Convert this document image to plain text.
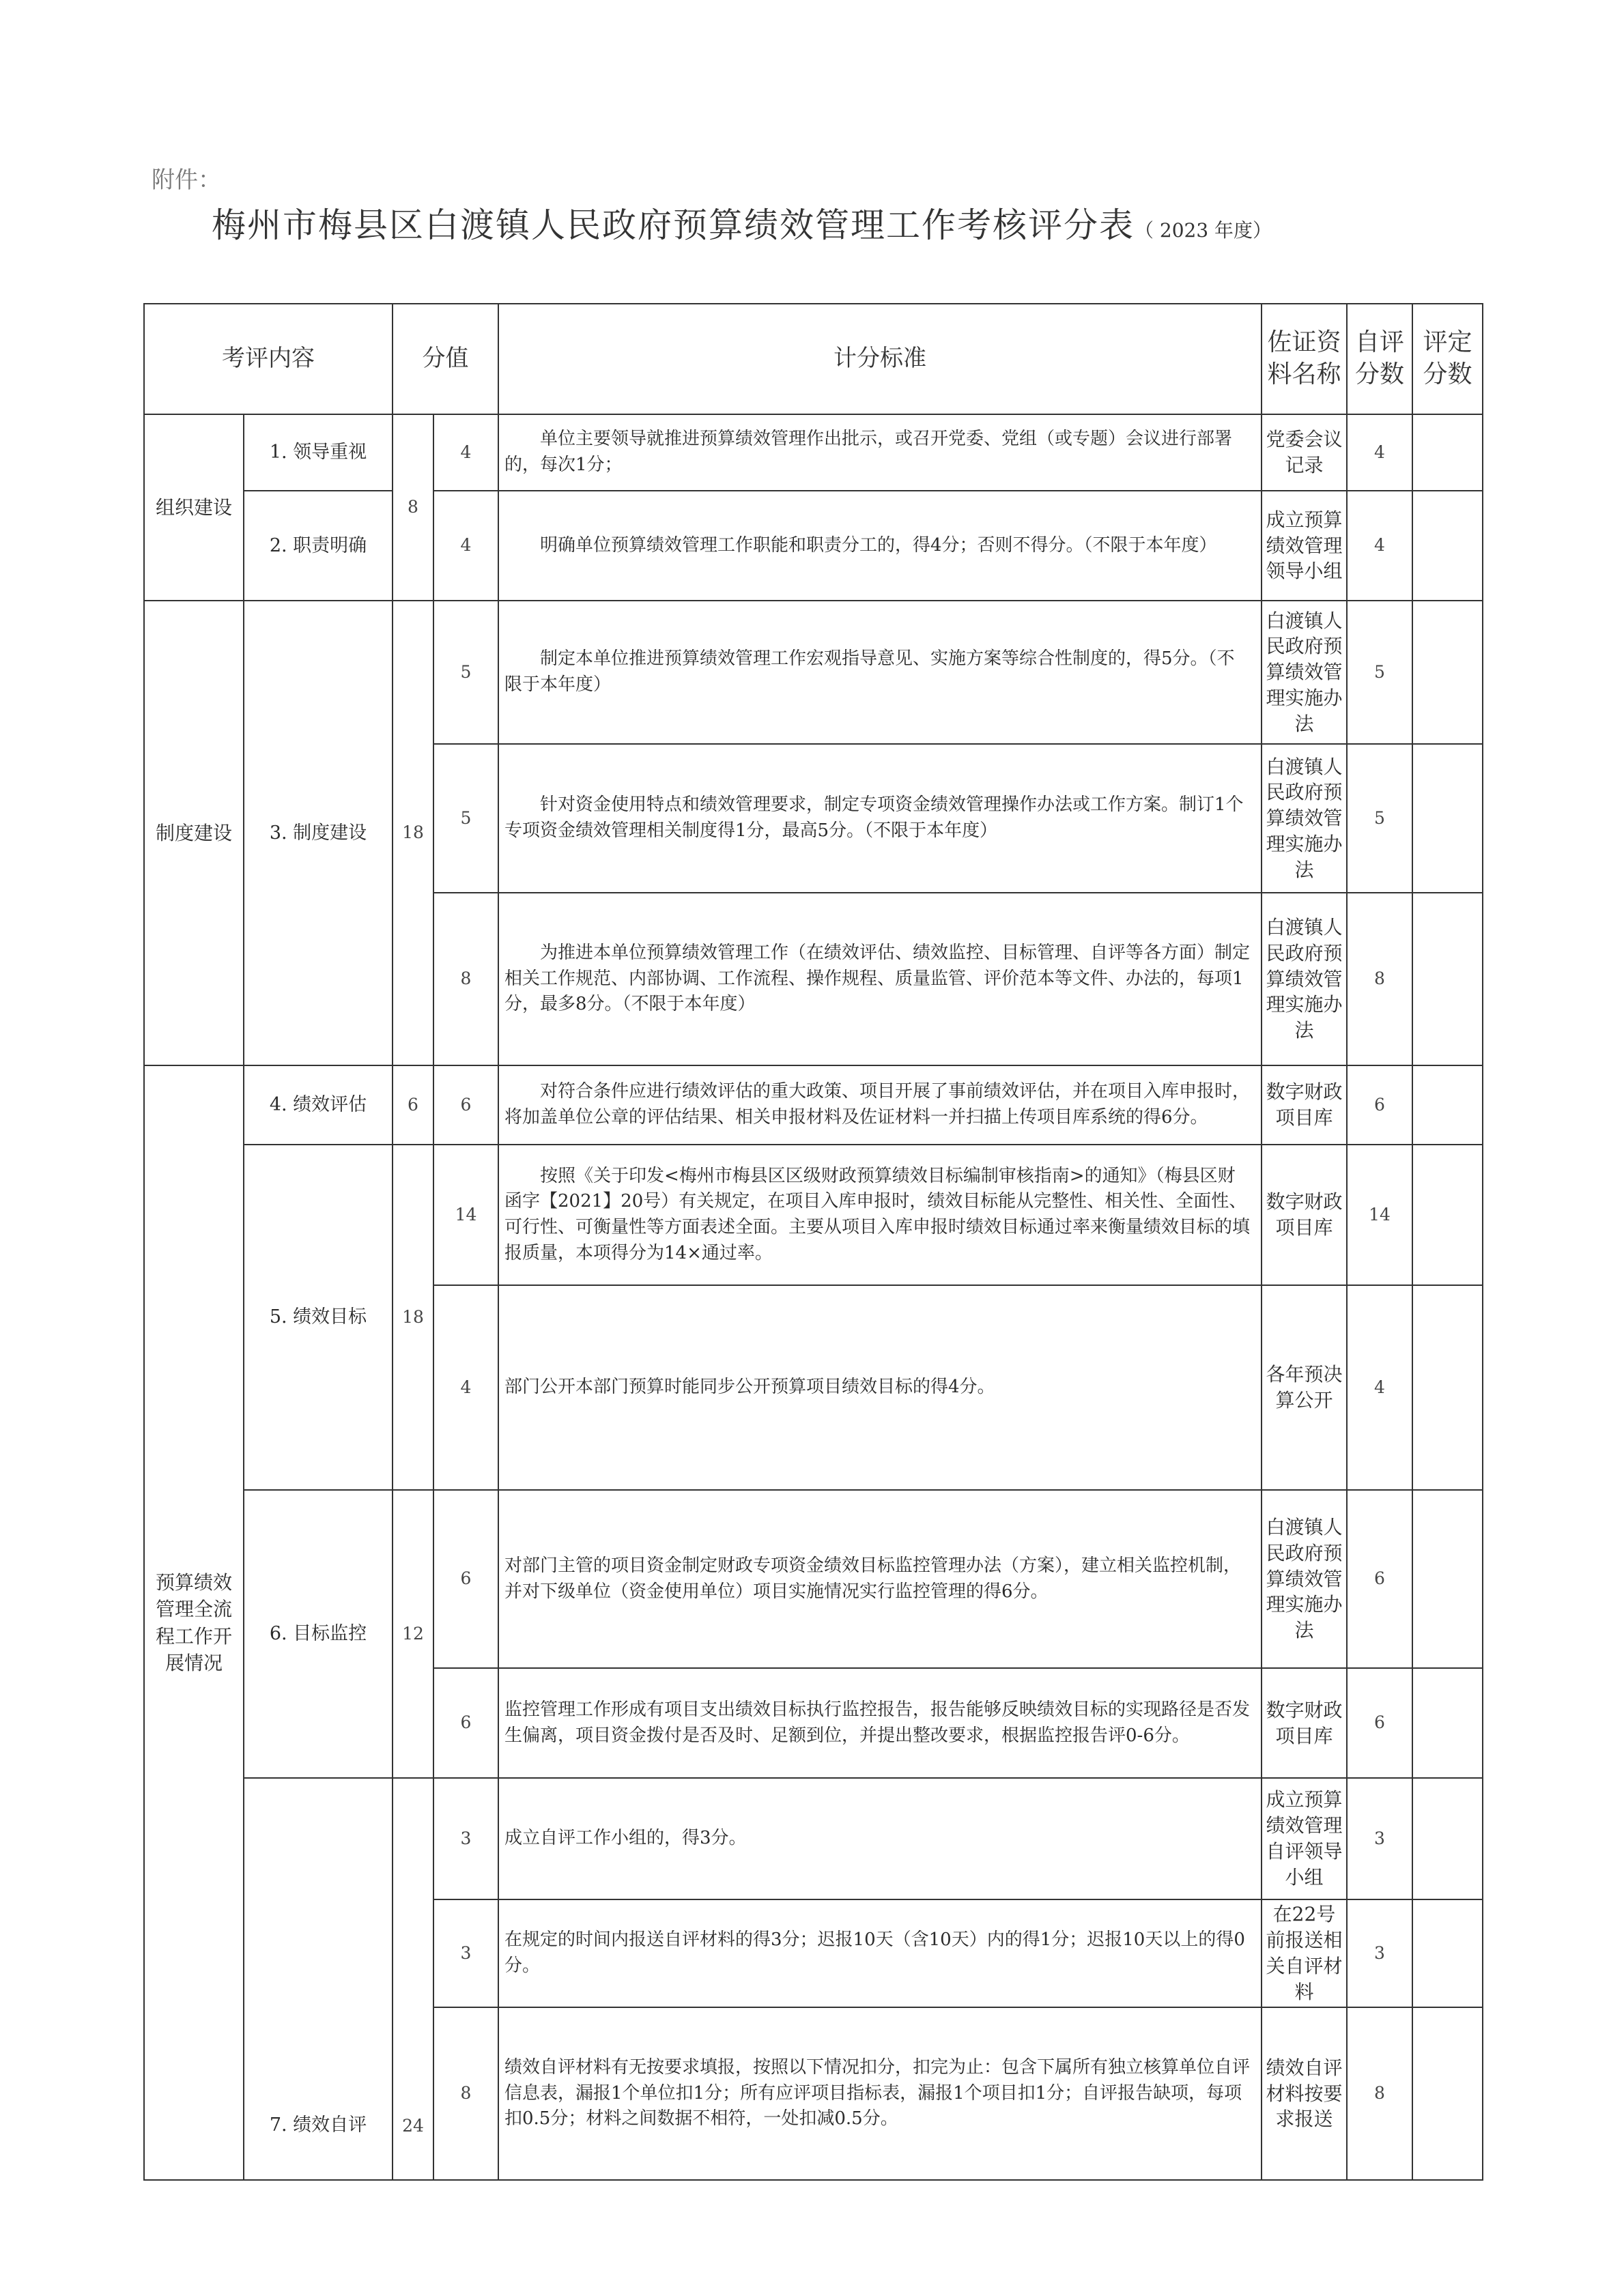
附件：
梅州市梅县区白渡镇人民政府预算绩效管理工作考核评分表（ 2023 年度）
考评内容		分值		计分标准	佐证资料名称	自评分数	评定分数
组织建设	1. 领导重视	8	4	单位主要领导就推进预算绩效管理作出批示，或召开党委、党组（或专题）会议进行部署的，每次1分；	党委会议记录	4	
	2. 职责明确		4	明确单位预算绩效管理工作职能和职责分工的，得4分；否则不得分。（不限于本年度）	成立预算绩效管理领导小组	4	
制度建设	3. 制度建设	18	5	制定本单位推进预算绩效管理工作宏观指导意见、实施方案等综合性制度的，得5分。（不限于本年度）	白渡镇人民政府预算绩效管理实施办法	5	
			5	针对资金使用特点和绩效管理要求，制定专项资金绩效管理操作办法或工作方案。制订1个专项资金绩效管理相关制度得1分，最高5分。（不限于本年度）	白渡镇人民政府预算绩效管理实施办法	5	
			8	为推进本单位预算绩效管理工作（在绩效评估、绩效监控、目标管理、自评等各方面）制定相关工作规范、内部协调、工作流程、操作规程、质量监管、评价范本等文件、办法的，每项1分，最多8分。（不限于本年度）	白渡镇人民政府预算绩效管理实施办法	8	
预算绩效管理全流程工作开展情况	4. 绩效评估	6	6	对符合条件应进行绩效评估的重大政策、项目开展了事前绩效评估，并在项目入库申报时，将加盖单位公章的评估结果、相关申报材料及佐证材料一并扫描上传项目库系统的得6分。	数字财政项目库	6	
	5. 绩效目标	18	14	按照《关于印发<梅州市梅县区区级财政预算绩效目标编制审核指南>的通知》（梅县区财函字【2021】20号）有关规定，在项目入库申报时，绩效目标能从完整性、相关性、全面性、可行性、可衡量性等方面表述全面。主要从项目入库申报时绩效目标通过率来衡量绩效目标的填报质量，本项得分为14×通过率。	数字财政项目库	14	
			4	部门公开本部门预算时能同步公开预算项目绩效目标的得4分。	各年预决算公开	4	
	6. 目标监控	12	6	对部门主管的项目资金制定财政专项资金绩效目标监控管理办法（方案），建立相关监控机制，并对下级单位（资金使用单位）项目实施情况实行监控管理的得6分。	白渡镇人民政府预算绩效管理实施办法	6	
			6	监控管理工作形成有项目支出绩效目标执行监控报告，报告能够反映绩效目标的实现路径是否发生偏离，项目资金拨付是否及时、足额到位，并提出整改要求，根据监控报告评0-6分。	数字财政项目库	6	
	7. 绩效自评	24	3	成立自评工作小组的，得3分。	成立预算绩效管理自评领导小组	3	
			3	在规定的时间内报送自评材料的得3分；迟报10天（含10天）内的得1分；迟报10天以上的得0分。	在22号前报送相关自评材料	3	
			8	绩效自评材料有无按要求填报，按照以下情况扣分，扣完为止：包含下属所有独立核算单位自评信息表，漏报1个单位扣1分；所有应评项目指标表，漏报1个项目扣1分；自评报告缺项，每项扣0.5分；材料之间数据不相符，一处扣减0.5分。	绩效自评材料按要求报送	8	
